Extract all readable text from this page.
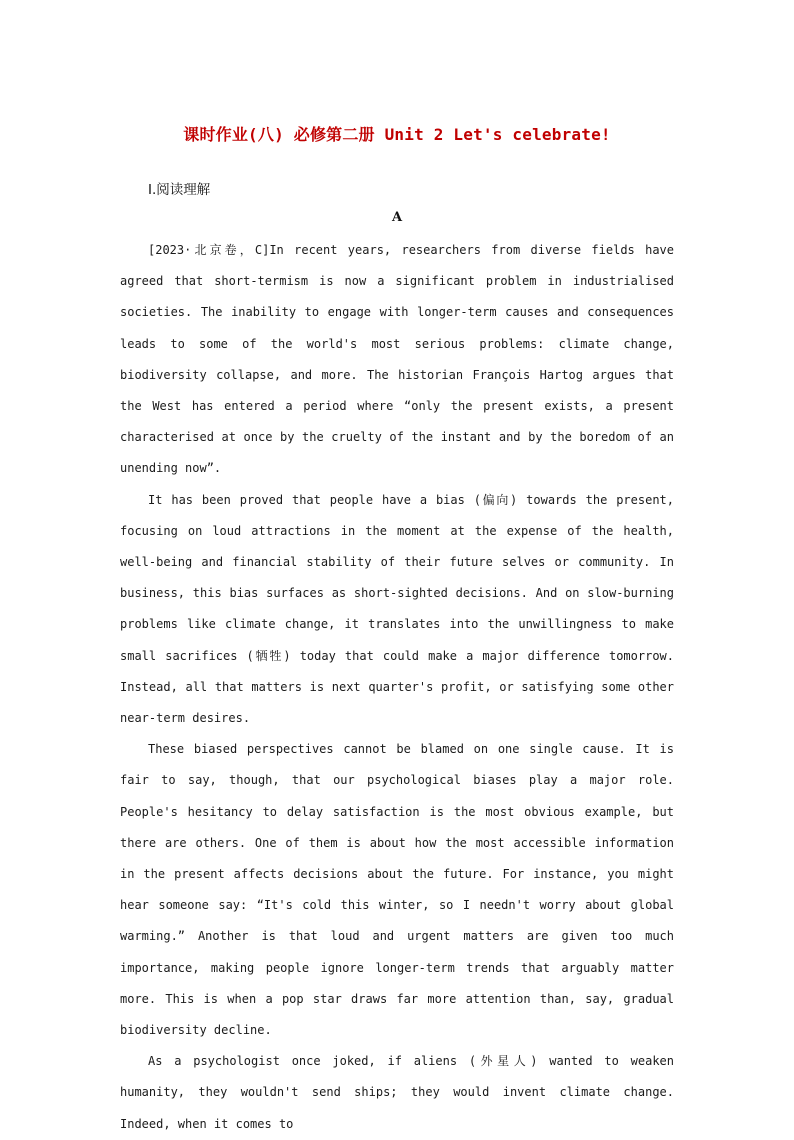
课时作业(八) 必修第二册 Unit 2 Let's celebrate!
Ⅰ.阅读理解
A

[2023·北京卷，C]In recent years, researchers from diverse fields have agreed that short-termism is now a significant problem in industrialised societies. The inability to engage with longer-term causes and consequences leads to some of the world's most serious problems: climate change, biodiversity collapse, and more. The historian François Hartog argues that the West has entered a period where “only the present exists, a present characterised at once by the cruelty of the instant and by the boredom of an unending now”.

It has been proved that people have a bias (偏向) towards the present, focusing on loud attractions in the moment at the expense of the health, well-being and financial stability of their future selves or community. In business, this bias surfaces as short-sighted decisions. And on slow-burning problems like climate change, it translates into the unwillingness to make small sacrifices (牺牲) today that could make a major difference tomorrow. Instead, all that matters is next quarter's profit, or satisfying some other near-term desires.

These biased perspectives cannot be blamed on one single cause. It is fair to say, though, that our psychological biases play a major role. People's hesitancy to delay satisfaction is the most obvious example, but there are others. One of them is about how the most accessible information in the present affects decisions about the future. For instance, you might hear someone say: “It's cold this winter, so I needn't worry about global warming.” Another is that loud and urgent matters are given too much importance, making people ignore longer-term trends that arguably matter more. This is when a pop star draws far more attention than, say, gradual biodiversity decline.

As a psychologist once joked, if aliens (外星人) wanted to weaken humanity, they wouldn't send ships; they would invent climate change. Indeed, when it comes to
